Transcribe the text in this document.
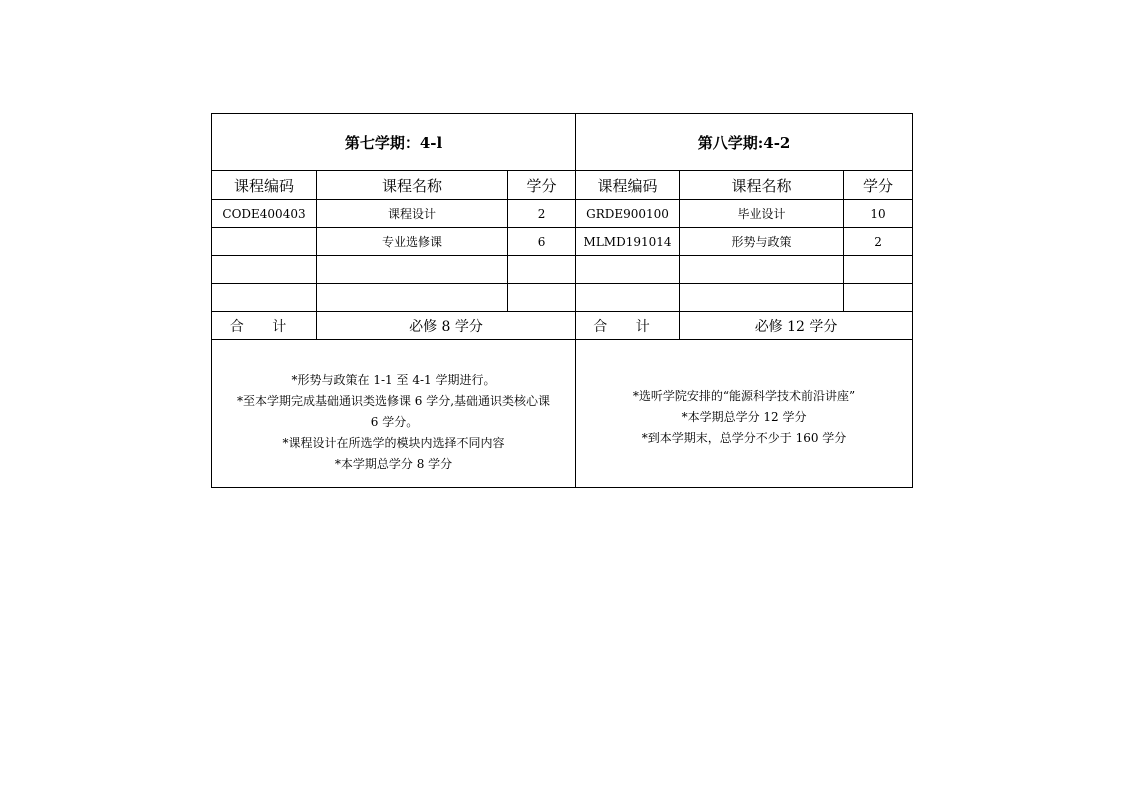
第七学期：4-l			第八学期:4-2		
课程编码	课程名称	学分	课程编码	课程名称	学分
CODE400403	课程设计	2	GRDE900100	毕业设计	10
	专业选修课	6	MLMD191014	形势与政策	2

合 计	必修 8 学分		合 计	必修 12 学分	

*形势与政策在 1-1 至 4-1 学期进行。
*至本学期完成基础通识类选修课 6 学分,基础通识类核心课
6 学分。
*课程设计在所选学的模块内选择不同内容
*本学期总学分 8 学分			*选听学院安排的“能源科学技术前沿讲座”
*本学期总学分 12 学分
*到本学期末，总学分不少于 160 学分		
